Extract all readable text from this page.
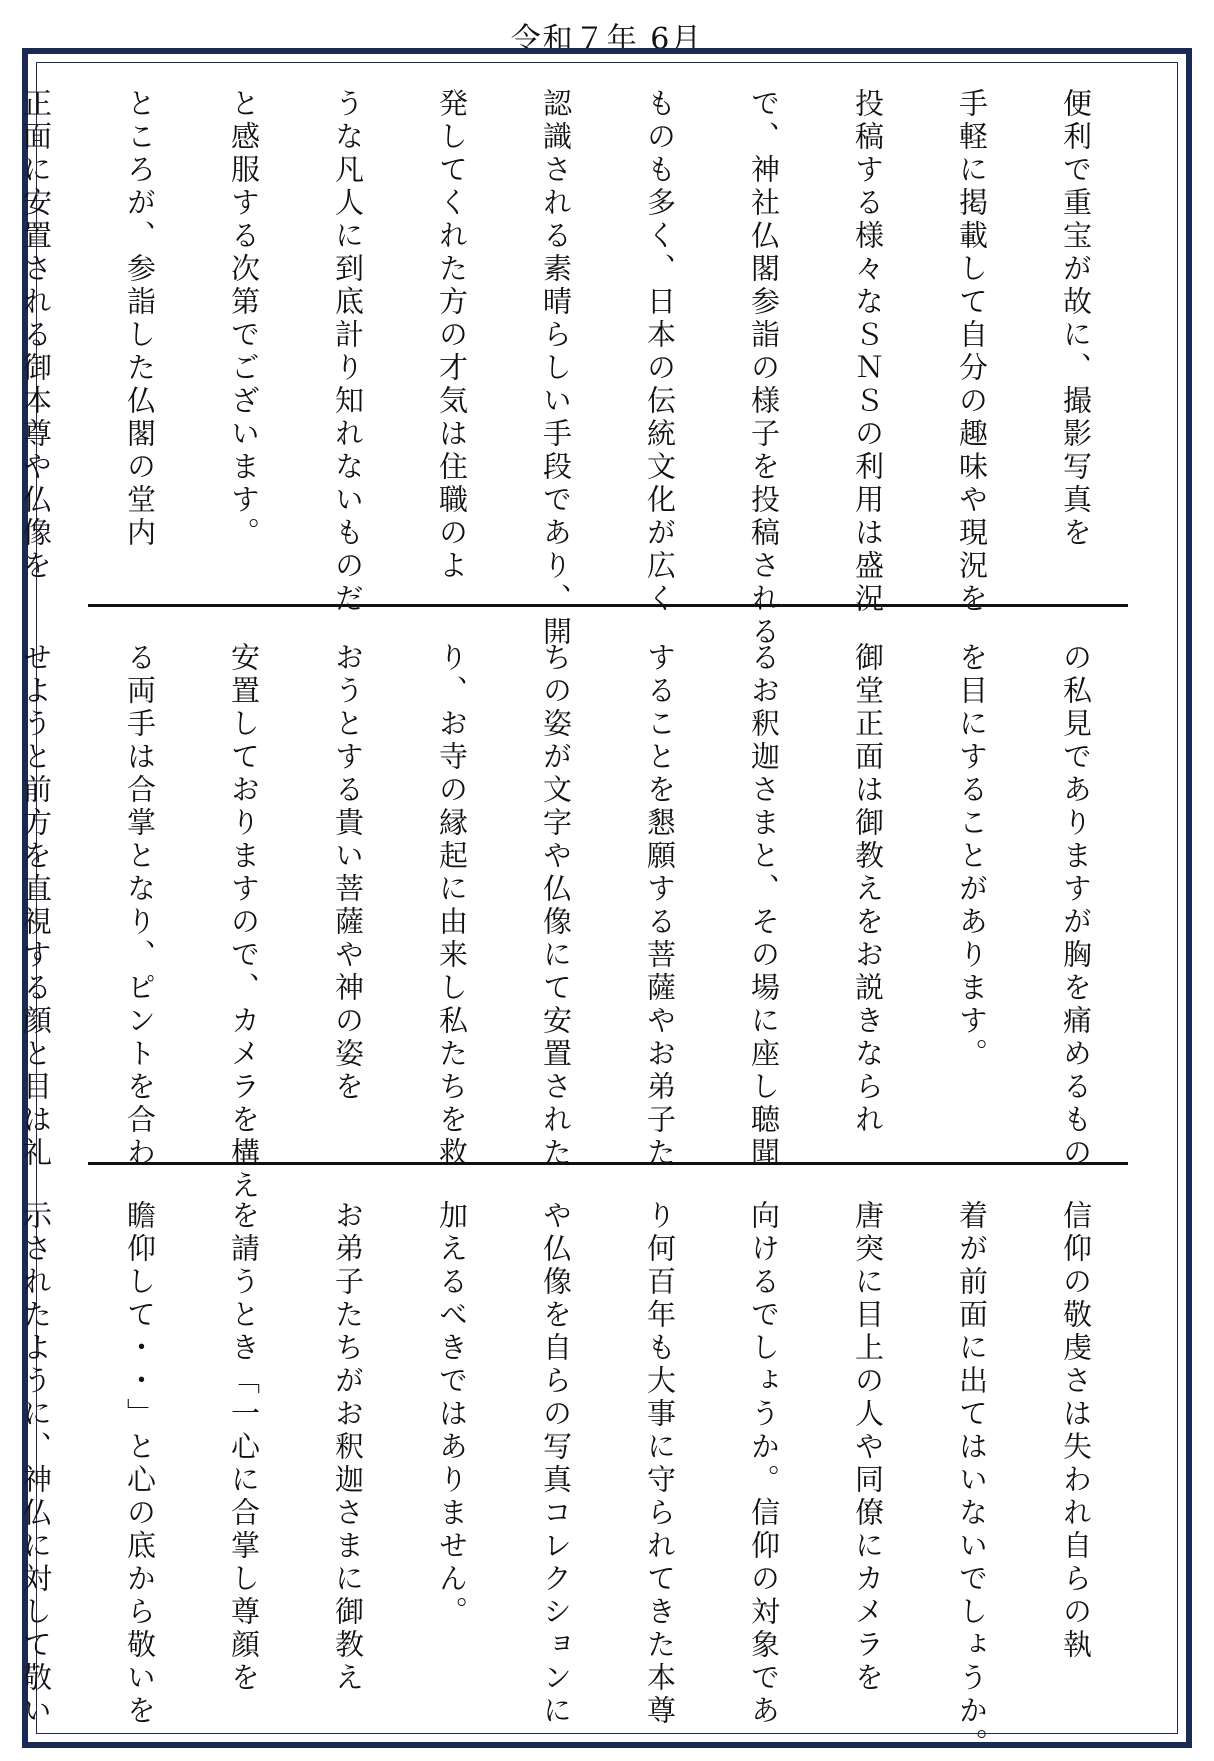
令和７年 6月
便利で重宝が故に、撮影写真を
手軽に掲載して自分の趣味や現況を
投稿する様々なＳＮＳの利用は盛況
で、神社仏閣参詣の様子を投稿される
ものも多く、日本の伝統文化が広く
認識される素晴らしい手段であり、開
発してくれた方の才気は住職のよ
うな凡人に到底計り知れないものだ
と感服する次第でございます。
ところが、参詣した仏閣の堂内
正面に安置される御本尊や仏像を
の私見でありますが胸を痛めるもの
を目にすることがあります。
御堂正面は御教えをお説きなられ
るお釈迦さまと、その場に座し聴聞
することを懇願する菩薩やお弟子た
ちの姿が文字や仏像にて安置された
り、お寺の縁起に由来し私たちを救
おうとする貴い菩薩や神の姿を
安置しておりますので、カメラを構え
る両手は合掌となり、ピントを合わ
せようと前方を直視する顔と目は礼
信仰の敬虔さは失われ自らの執
着が前面に出てはいないでしょうか。
唐突に目上の人や同僚にカメラを
向けるでしょうか。信仰の対象であ
り何百年も大事に守られてきた本尊
や仏像を自らの写真コレクションに
加えるべきではありません。
お弟子たちがお釈迦さまに御教え
を請うとき「一心に合掌し尊顔を
瞻仰して・・」と心の底から敬いを
示されたように、神仏に対して敬い
